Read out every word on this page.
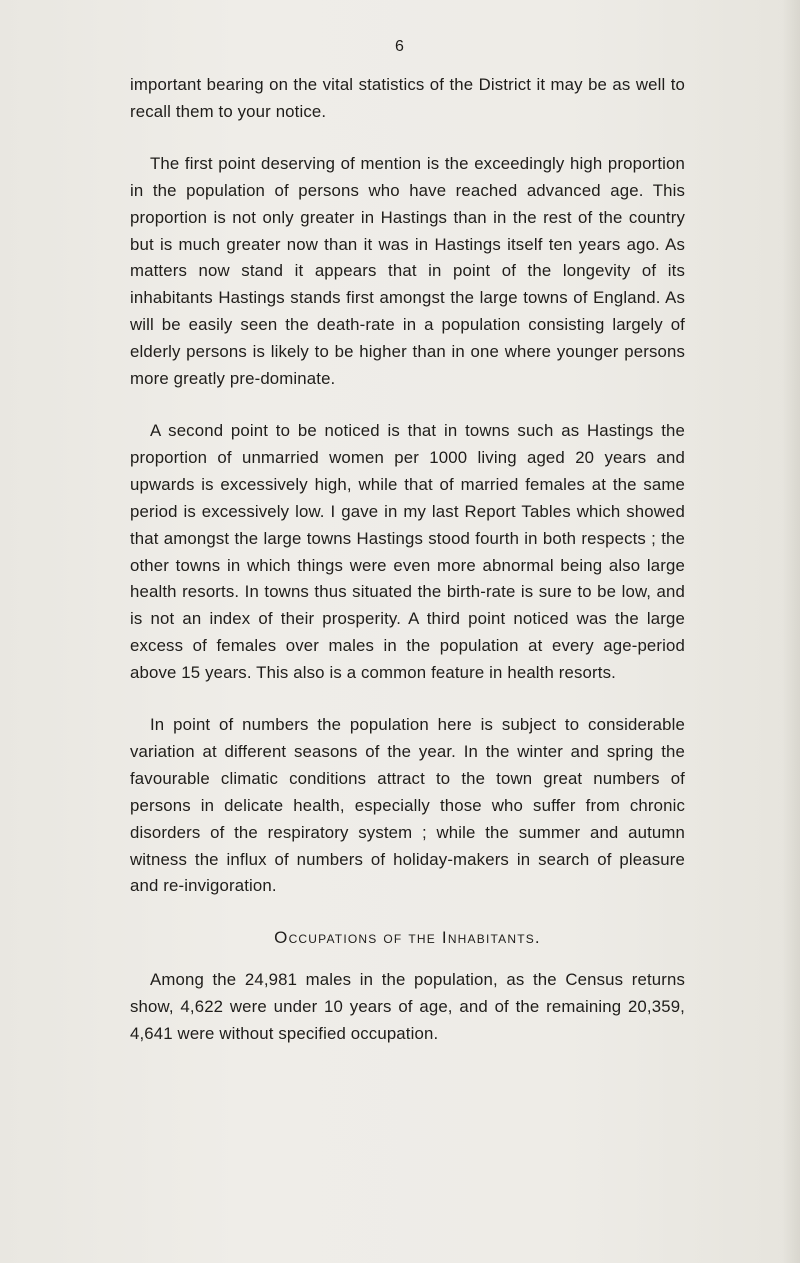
6

important bearing on the vital statistics of the District it may be as well to recall them to your notice.

The first point deserving of mention is the exceedingly high proportion in the population of persons who have reached advanced age. This proportion is not only greater in Hastings than in the rest of the country but is much greater now than it was in Hastings itself ten years ago. As matters now stand it appears that in point of the longevity of its inhabitants Hastings stands first amongst the large towns of England. As will be easily seen the death-rate in a population consisting largely of elderly persons is likely to be higher than in one where younger persons more greatly pre-dominate.

A second point to be noticed is that in towns such as Hastings the proportion of unmarried women per 1000 living aged 20 years and upwards is excessively high, while that of married females at the same period is excessively low. I gave in my last Report Tables which showed that amongst the large towns Hastings stood fourth in both respects ; the other towns in which things were even more abnormal being also large health resorts. In towns thus situated the birth-rate is sure to be low, and is not an index of their prosperity. A third point noticed was the large excess of females over males in the population at every age-period above 15 years. This also is a common feature in health resorts.

In point of numbers the population here is subject to considerable variation at different seasons of the year. In the winter and spring the favourable climatic conditions attract to the town great numbers of persons in delicate health, especially those who suffer from chronic disorders of the respiratory system ; while the summer and autumn witness the influx of numbers of holiday-makers in search of pleasure and re-invigoration.

Occupations of the Inhabitants.

Among the 24,981 males in the population, as the Census returns show, 4,622 were under 10 years of age, and of the remaining 20,359, 4,641 were without specified occupation.
